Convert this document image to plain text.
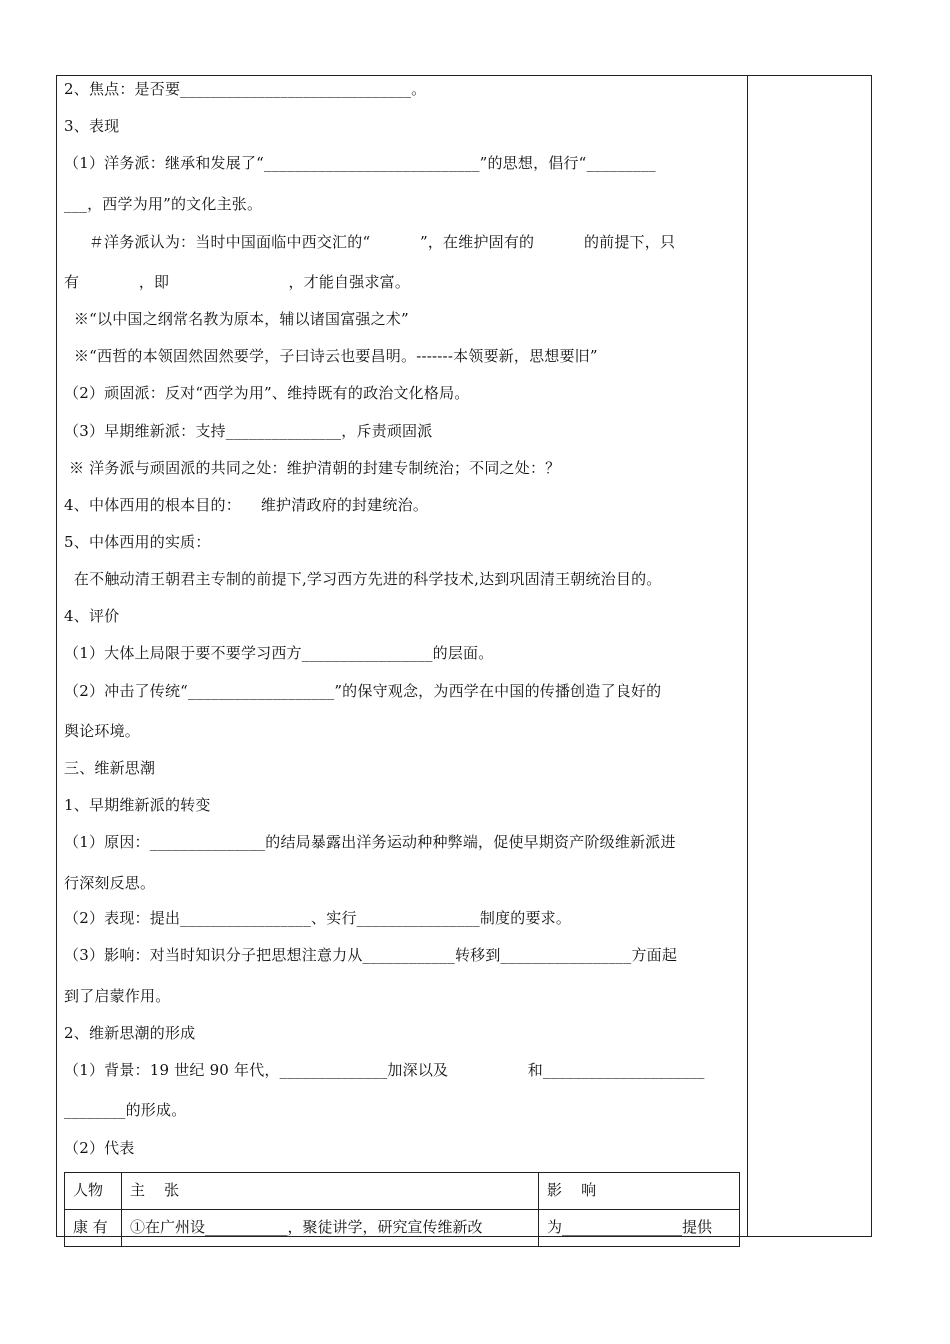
2、焦点：是否要______________________________。
3、表现
（1）洋务派：继承和发展了“____________________________”的思想，倡行“_________
___，西学为用”的文化主张。
＃洋务派认为：当时中国面临中西交汇的“          ”，在维护固有的          的前提下，只
有            ，即                        ，才能自强求富。
※“以中国之纲常名教为原本，辅以诸国富强之术”
※“西哲的本领固然固然要学，子曰诗云也要昌明。-------本领要新，思想要旧”
（2）顽固派：反对“西学为用”、维持既有的政治文化格局。
（3）早期维新派：支持_______________，斥责顽固派
※ 洋务派与顽固派的共同之处：维护清朝的封建专制统治；不同之处：？
4、中体西用的根本目的：    维护清政府的封建统治。
5、中体西用的实质：
在不触动清王朝君主专制的前提下,学习西方先进的科学技术,达到巩固清王朝统治目的。
4、评价
（1）大体上局限于要不要学习西方_________________的层面。
（2）冲击了传统“___________________”的保守观念，为西学在中国的传播创造了良好的
舆论环境。
三、维新思潮
1、早期维新派的转变
（1）原因：_______________的结局暴露出洋务运动种种弊端，促使早期资产阶级维新派进
行深刻反思。
（2）表现：提出_________________、实行________________制度的要求。
（3）影响：对当时知识分子把思想注意力从____________转移到_________________方面起
到了启蒙作用。
2、维新思潮的形成
（1）背景：19 世纪 90 年代，______________加深以及                和_____________________
________的形成。
（2）代表
人物	主    张	影    响
康 有	①在广州设___________，聚徒讲学，研究宣传维新改	为________________提供
